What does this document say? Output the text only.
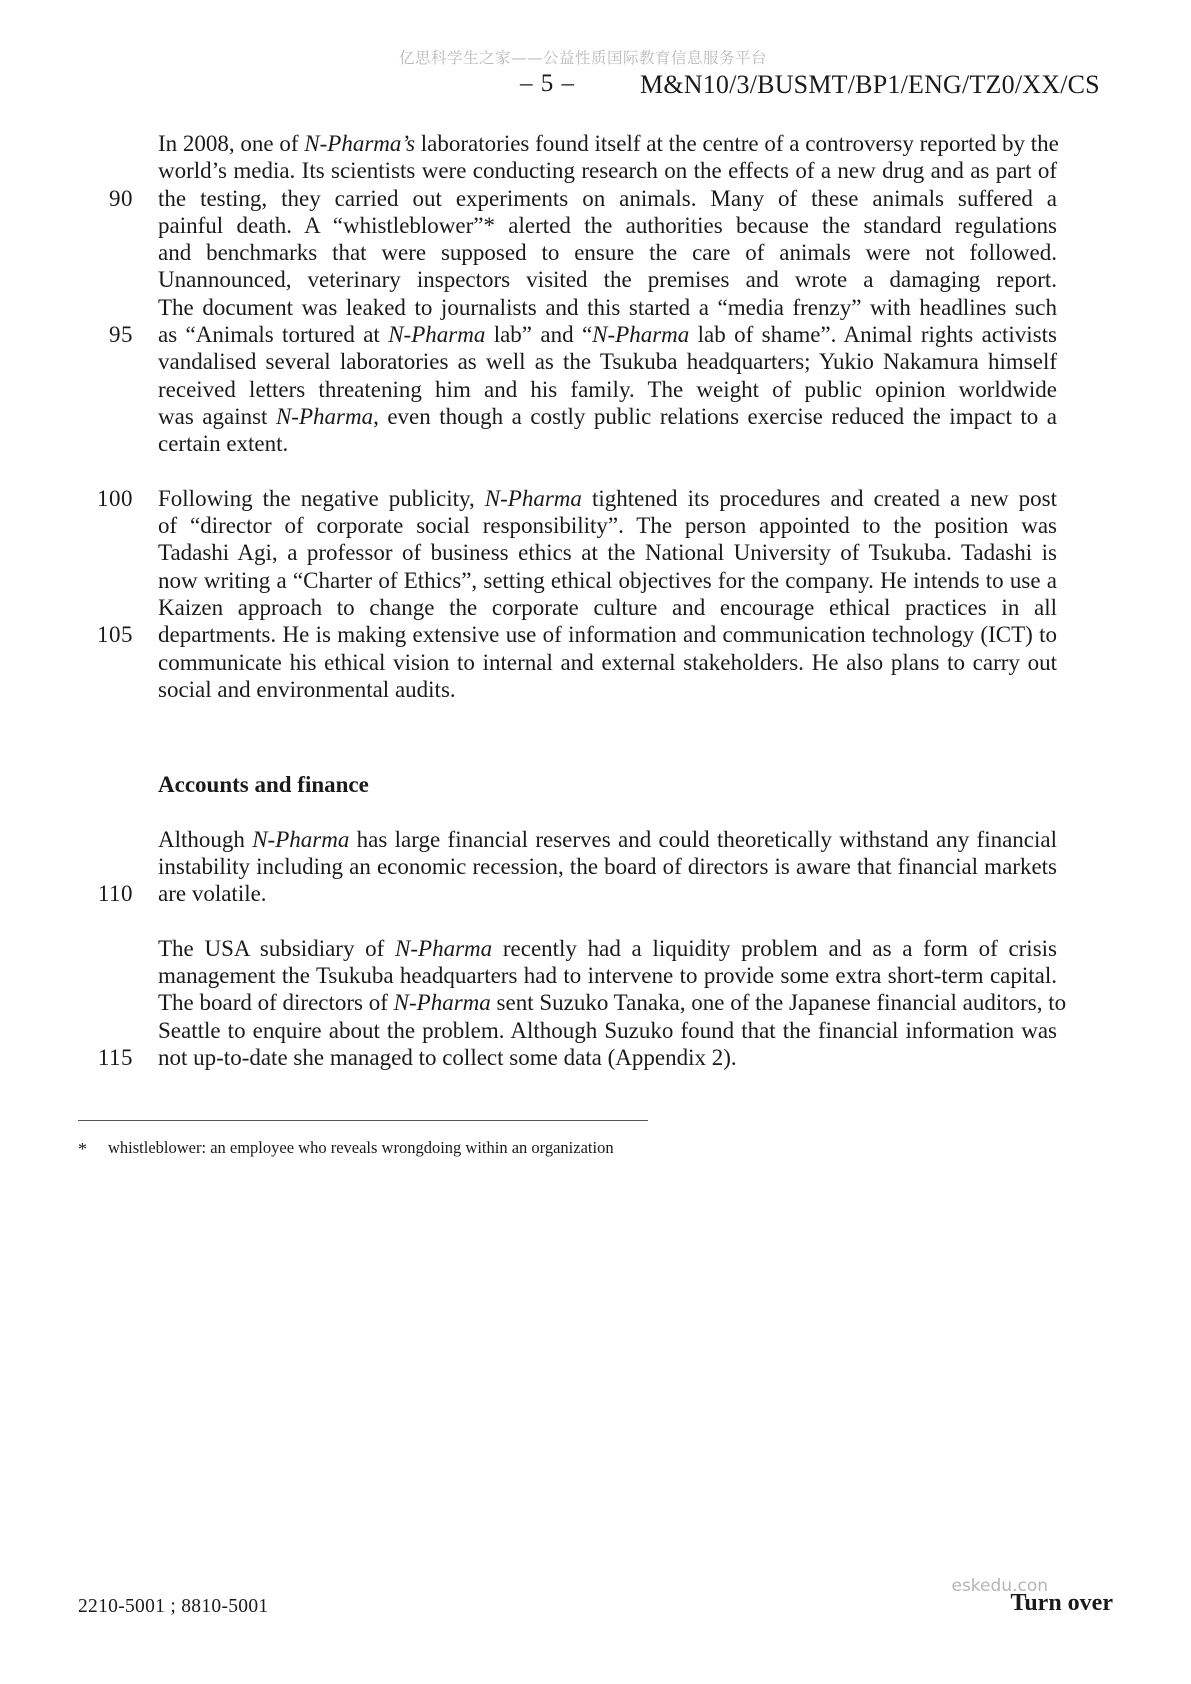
亿思科学生之家——公益性质国际教育信息服务平台
– 5 –	M&N10/3/BUSMT/BP1/ENG/TZ0/XX/CS
90
95
In 2008, one of N-Pharma’s laboratories found itself at the centre of a controversy reported by the
world’s media. Its scientists were conducting research on the effects of a new drug and as part of
the testing, they carried out experiments on animals. Many of these animals suffered a
painful death. A “whistleblower”* alerted the authorities because the standard regulations
and benchmarks that were supposed to ensure the care of animals were not followed.
Unannounced, veterinary inspectors visited the premises and wrote a damaging report.
The document was leaked to journalists and this started a “media frenzy” with headlines such
as “Animals tortured at N-Pharma lab” and “N-Pharma lab of shame”. Animal rights activists
vandalised several laboratories as well as the Tsukuba headquarters; Yukio Nakamura himself
received letters threatening him and his family. The weight of public opinion worldwide
was against N-Pharma, even though a costly public relations exercise reduced the impact to a
certain extent.
100
105
Following the negative publicity, N-Pharma tightened its procedures and created a new post
of “director of corporate social responsibility”. The person appointed to the position was
Tadashi Agi, a professor of business ethics at the National University of Tsukuba. Tadashi is
now writing a “Charter of Ethics”, setting ethical objectives for the company. He intends to use a
Kaizen approach to change the corporate culture and encourage ethical practices in all
departments. He is making extensive use of information and communication technology (ICT) to
communicate his ethical vision to internal and external stakeholders. He also plans to carry out
social and environmental audits.
Accounts and finance
110
Although N-Pharma has large financial reserves and could theoretically withstand any financial
instability including an economic recession, the board of directors is aware that financial markets
are volatile.
115
The USA subsidiary of N-Pharma recently had a liquidity problem and as a form of crisis
management the Tsukuba headquarters had to intervene to provide some extra short-term capital.
The board of directors of N-Pharma sent Suzuko Tanaka, one of the Japanese financial auditors, to
Seattle to enquire about the problem. Although Suzuko found that the financial information was
not up-to-date she managed to collect some data (Appendix 2).
* whistleblower: an employee who reveals wrongdoing within an organization
2210-5001 ; 8810-5001
eskedu.con
Turn over
